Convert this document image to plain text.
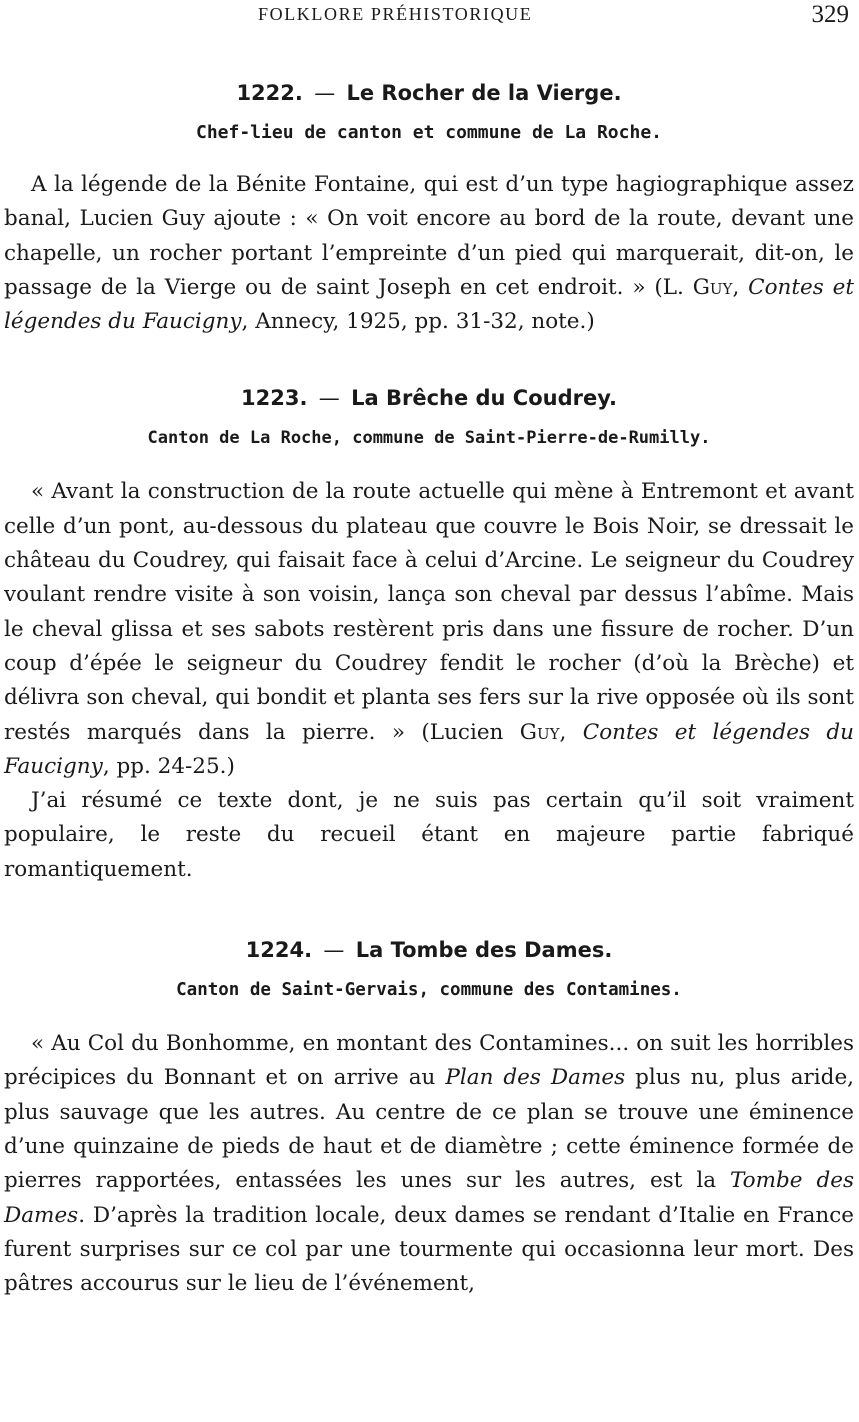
FOLKLORE PRÉHISTORIQUE	329
1222. — Le Rocher de la Vierge.

Chef-lieu de canton et commune de La Roche.

A la légende de la Bénite Fontaine, qui est d’un type hagiographique assez banal, Lucien Guy ajoute : « On voit encore au bord de la route, devant une chapelle, un rocher portant l’empreinte d’un pied qui marquerait, dit-on, le passage de la Vierge ou de saint Joseph en cet endroit. » (L. Guy, Contes et légendes du Faucigny, Annecy, 1925, pp. 31-32, note.)

1223. — La Brêche du Coudrey.

Canton de La Roche, commune de Saint-Pierre-de-Rumilly.

« Avant la construction de la route actuelle qui mène à Entremont et avant celle d’un pont, au-dessous du plateau que couvre le Bois Noir, se dressait le château du Coudrey, qui faisait face à celui d’Arcine. Le seigneur du Coudrey voulant rendre visite à son voisin, lança son cheval par dessus l’abîme. Mais le cheval glissa et ses sabots restèrent pris dans une fissure de rocher. D’un coup d’épée le seigneur du Coudrey fendit le rocher (d’où la Brèche) et délivra son cheval, qui bondit et planta ses fers sur la rive opposée où ils sont restés marqués dans la pierre. » (Lucien Guy, Contes et légendes du Faucigny, pp. 24-25.)

J’ai résumé ce texte dont, je ne suis pas certain qu’il soit vraiment populaire, le reste du recueil étant en majeure partie fabriqué romantiquement.

1224. — La Tombe des Dames.

Canton de Saint-Gervais, commune des Contamines.

« Au Col du Bonhomme, en montant des Contamines... on suit les horribles précipices du Bonnant et on arrive au Plan des Dames plus nu, plus aride, plus sauvage que les autres. Au centre de ce plan se trouve une éminence d’une quinzaine de pieds de haut et de diamètre ; cette éminence formée de pierres rapportées, entassées les unes sur les autres, est la Tombe des Dames. D’après la tradition locale, deux dames se rendant d’Italie en France furent surprises sur ce col par une tourmente qui occasionna leur mort. Des pâtres accourus sur le lieu de l’événement,
